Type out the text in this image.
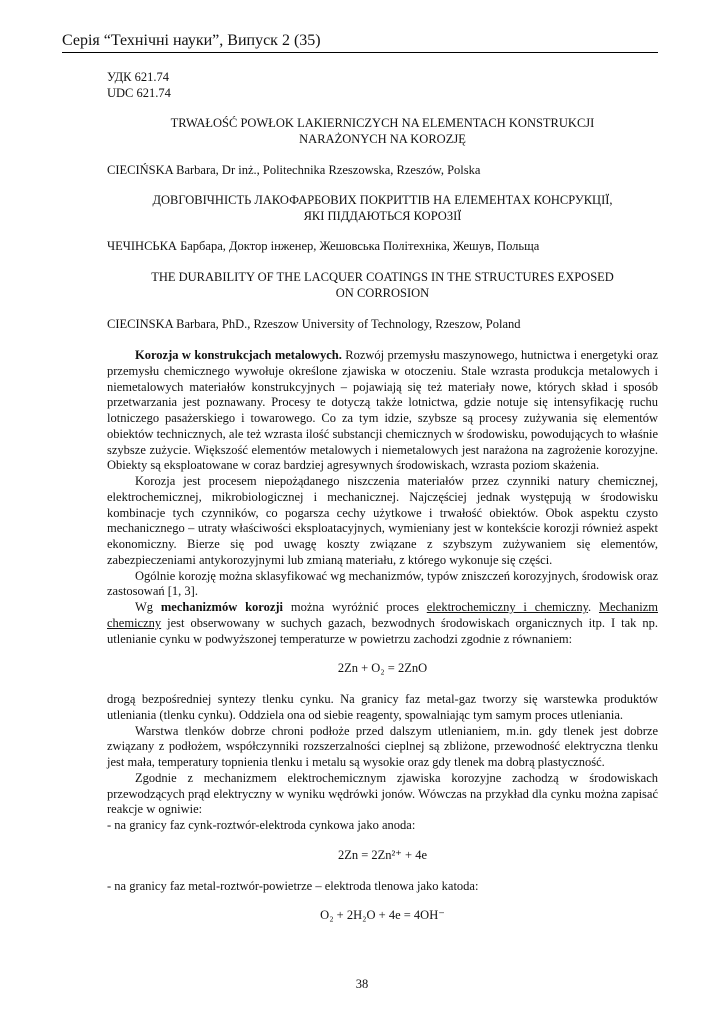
Серія “Технічні науки”, Випуск 2 (35)
УДК 621.74
UDC 621.74
TRWAŁOŚĆ POWŁOK LAKIERNICZYCH NA ELEMENTACH KONSTRUKCJI
NARAŻONYCH NA KOROZJĘ
CIECIŃSKA Barbara, Dr inż., Politechnika Rzeszowska, Rzeszów, Polska
ДОВГОВІЧНІСТЬ ЛАКОФАРБОВИХ ПОКРИТТІВ НА ЕЛЕМЕНТАХ КОНСРУКЦІЇ,
ЯКІ ПІДДАЮТЬСЯ КОРОЗІЇ
ЧЕЧІНСЬКА Барбара, Доктор інженер, Жешовська Політехніка, Жешув, Польща
THE DURABILITY OF THE LACQUER COATINGS IN THE STRUCTURES EXPOSED
ON CORROSION
CIECINSKA Barbara, PhD., Rzeszow University of Technology, Rzeszow, Poland

Korozja w konstrukcjach metalowych. Rozwój przemysłu maszynowego, hutnictwa i energetyki oraz przemysłu chemicznego wywołuje określone zjawiska w otoczeniu. Stale wzrasta produkcja metalowych i niemetalowych materiałów konstrukcyjnych – pojawiają się też materiały nowe, których skład i sposób przetwarzania jest poznawany. Procesy te dotyczą także lotnictwa, gdzie notuje się intensyfikację ruchu lotniczego pasażerskiego i towarowego. Co za tym idzie, szybsze są procesy zużywania się elementów obiektów technicznych, ale też wzrasta ilość substancji chemicznych w środowisku, powodujących to właśnie szybsze zużycie. Większość elementów metalowych i niemetalowych jest narażona na zagrożenie korozyjne. Obiekty są eksploatowane w coraz bardziej agresywnych środowiskach, wzrasta poziom skażenia.

Korozja jest procesem niepożądanego niszczenia materiałów przez czynniki natury chemicznej, elektrochemicznej, mikrobiologicznej i mechanicznej. Najczęściej jednak występują w środowisku kombinacje tych czynników, co pogarsza cechy użytkowe i trwałość obiektów. Obok aspektu czysto mechanicznego – utraty właściwości eksploatacyjnych, wymieniany jest w kontekście korozji również aspekt ekonomiczny. Bierze się pod uwagę koszty związane z szybszym zużywaniem się elementów, zabezpieczeniami antykorozyjnymi lub zmianą materiału, z którego wykonuje się części.

Ogólnie korozję można sklasyfikować wg mechanizmów, typów zniszczeń korozyjnych, środowisk oraz zastosowań [1, 3].

Wg mechanizmów korozji można wyróżnić proces elektrochemiczny i chemiczny. Mechanizm chemiczny jest obserwowany w suchych gazach, bezwodnych środowiskach organicznych itp. I tak np. utlenianie cynku w podwyższonej temperaturze w powietrzu zachodzi zgodnie z równaniem:

2Zn + O₂ = 2ZnO

drogą bezpośredniej syntezy tlenku cynku. Na granicy faz metal-gaz tworzy się warstewka produktów utleniania (tlenku cynku). Oddziela ona od siebie reagenty, spowalniając tym samym proces utleniania.

Warstwa tlenków dobrze chroni podłoże przed dalszym utlenianiem, m.in. gdy tlenek jest dobrze związany z podłożem, współczynniki rozszerzalności cieplnej są zbliżone, przewodność elektryczna tlenku jest mała, temperatury topnienia tlenku i metalu są wysokie oraz gdy tlenek ma dobrą plastyczność.

Zgodnie z mechanizmem elektrochemicznym zjawiska korozyjne zachodzą w środowiskach przewodzących prąd elektryczny w wyniku wędrówki jonów. Wówczas na przykład dla cynku można zapisać reakcje w ogniwie:

- na granicy faz cynk-roztwór-elektroda cynkowa jako anoda:

2Zn = 2Zn²⁺ + 4e

- na granicy faz metal-roztwór-powietrze – elektroda tlenowa jako katoda:

O₂ + 2H₂O + 4e = 4OH⁻

38
